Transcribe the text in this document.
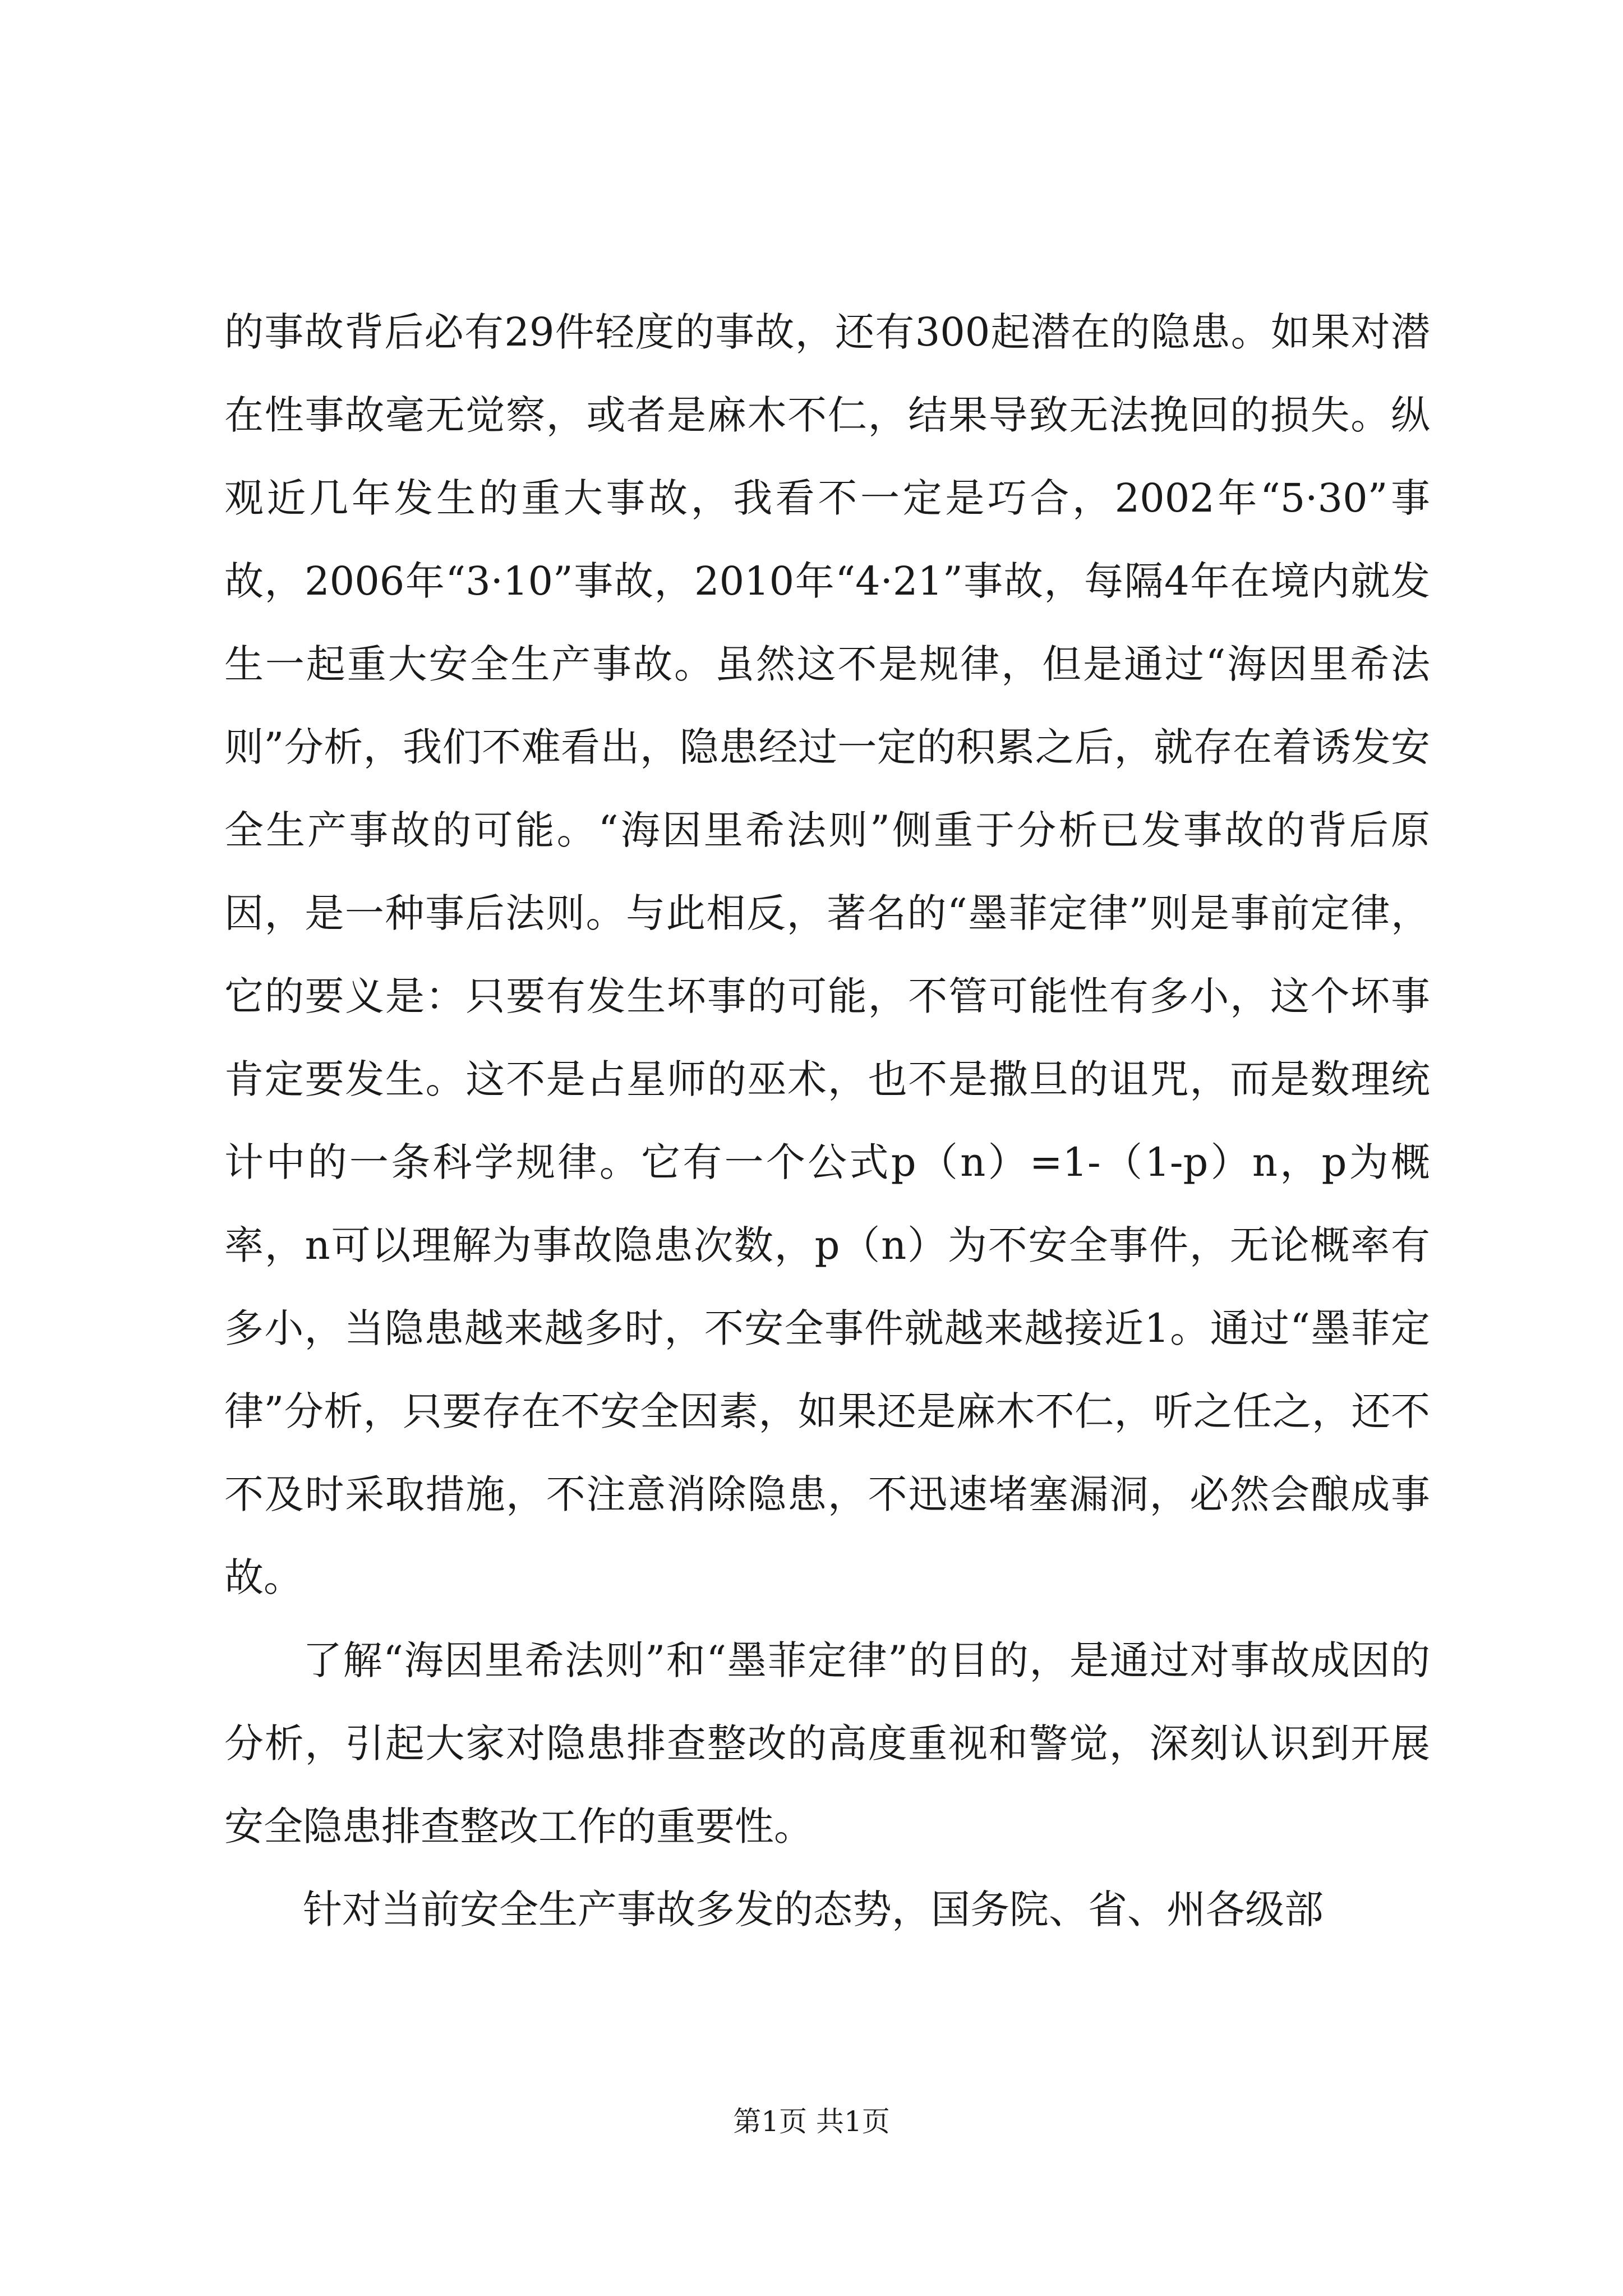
的事故背后必有29件轻度的事故，还有300起潜在的隐患。如果对潜在性事故毫无觉察，或者是麻木不仁，结果导致无法挽回的损失。纵观近几年发生的重大事故，我看不一定是巧合，2002年“5·30”事故，2006年“3·10”事故，2010年“4·21”事故，每隔4年在境内就发生一起重大安全生产事故。虽然这不是规律，但是通过“海因里希法则”分析，我们不难看出，隐患经过一定的积累之后，就存在着诱发安全生产事故的可能。“海因里希法则”侧重于分析已发事故的背后原因，是一种事后法则。与此相反，著名的“墨菲定律”则是事前定律，它的要义是：只要有发生坏事的可能，不管可能性有多小，这个坏事肯定要发生。这不是占星师的巫术，也不是撒旦的诅咒，而是数理统计中的一条科学规律。它有一个公式p（n）=1-（1-p）n，p为概率，n可以理解为事故隐患次数，p（n）为不安全事件，无论概率有多小，当隐患越来越多时，不安全事件就越来越接近1。通过“墨菲定律”分析，只要存在不安全因素，如果还是麻木不仁，听之任之，还不不及时采取措施，不注意消除隐患，不迅速堵塞漏洞，必然会酿成事故。

了解“海因里希法则”和“墨菲定律”的目的，是通过对事故成因的分析，引起大家对隐患排查整改的高度重视和警觉，深刻认识到开展安全隐患排查整改工作的重要性。

针对当前安全生产事故多发的态势，国务院、省、州各级部

第1页 共1页
